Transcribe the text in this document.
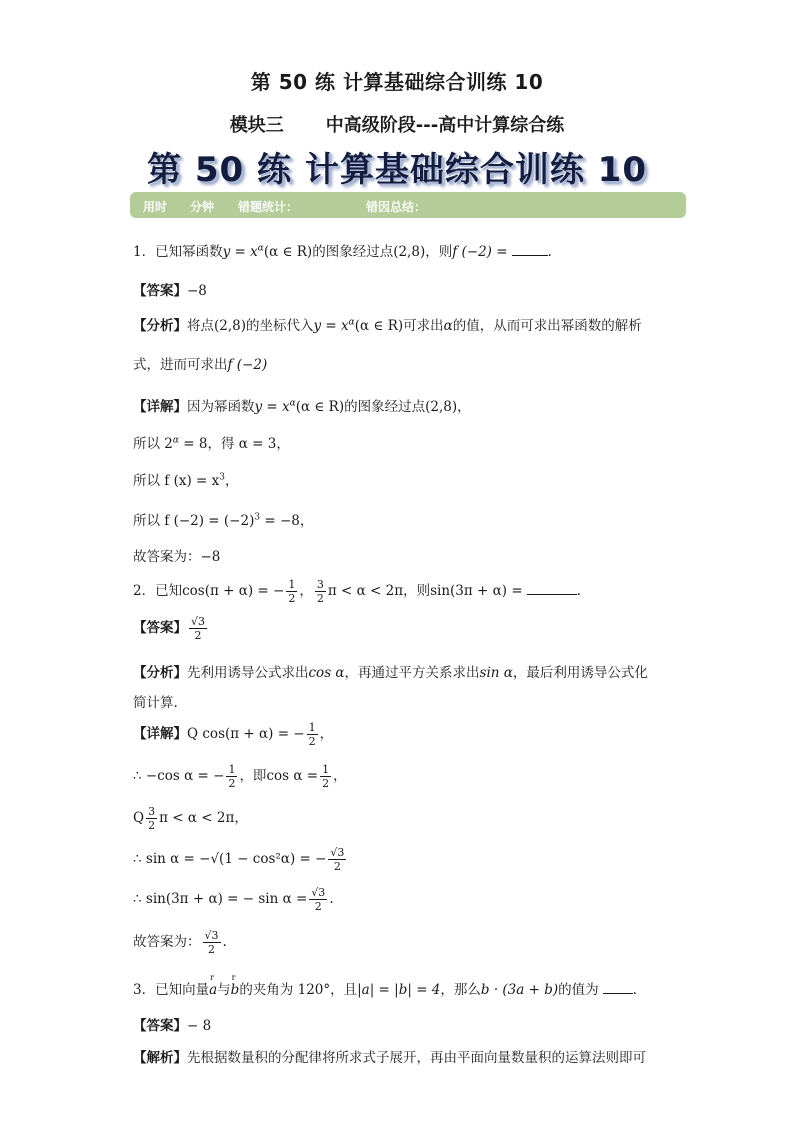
第 50 练 计算基础综合训练 10
模块三 中高级阶段---高中计算综合练
第 50 练 计算基础综合训练 10
用时 分钟 错题统计：	错因总结：
1．已知幂函数$y = x^\alpha(\alpha$ ∈ R)的图象经过点(2,8)，则f (−2) =	.
【答案】−8
【分析】将点(2,8)的坐标代入$y = x^\alpha(\alpha$ ∈ R)可求出α的值，从而可求出幂函数的解析
式，进而可求出f (−2)
【详解】因为幂函数$y = x^\alpha(\alpha$ ∈ R)的图象经过点(2,8)，
所以 $2^\alpha = 8$，得 α = 3，
所以 f $(x) = x^3$，
所以 f $(-2) = (-2)^3 = -8$，
故答案为：−8
2．已知cos(π + α) = − $\frac{1}{2}$ ， $\frac{3}{2}$ π < α < 2π，则sin(3π + α) =	.
【答案】 $\frac{√3}{2}$
【分析】先利用诱导公式求出cos α，再通过平方关系求出sin α，最后利用诱导公式化
简计算.
【详解】Q cos(π + α) = − $\frac{1}{2}$ ，
∴ −cos α = − $\frac{1}{2}$ ，即$\cos \alpha = \frac{1}{2}$ ，
Q $\frac{3}{2}$ π < α < 2π，
∴ sin α = −√(1 − cos²α) = − $\frac{√3}{2}$
∴ sin(3π + α) = − $\sin \alpha = \frac{√3}{2}$ .
故答案为： $\frac{√3}{2}$ .
3．已知向量r a与r b的夹角为 120°，且|a| = |b| = 4，那么b · (3a + b)的值为	.
【答案】− 8
【解析】先根据数量积的分配律将所求式子展开，再由平面向量数量积的运算法则即可
